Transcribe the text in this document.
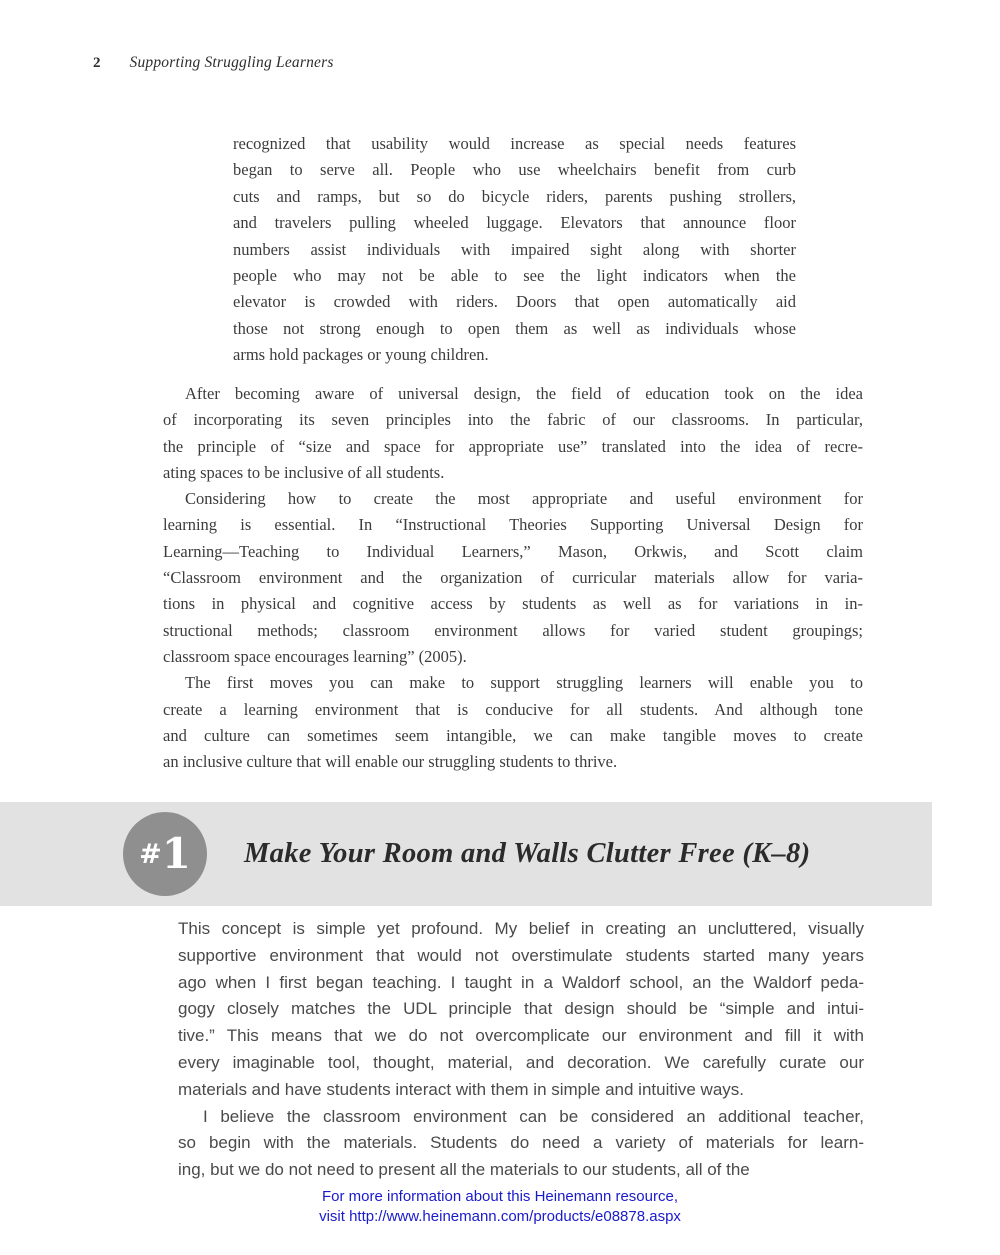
2 Supporting Struggling Learners
recognized that usability would increase as special needs features
began to serve all. People who use wheelchairs benefit from curb
cuts and ramps, but so do bicycle riders, parents pushing strollers,
and travelers pulling wheeled luggage. Elevators that announce floor
numbers assist individuals with impaired sight along with shorter
people who may not be able to see the light indicators when the
elevator is crowded with riders. Doors that open automatically aid
those not strong enough to open them as well as individuals whose
arms hold packages or young children.
After becoming aware of universal design, the field of education took on the idea
of incorporating its seven principles into the fabric of our classrooms. In particular,
the principle of “size and space for appropriate use” translated into the idea of recre-
ating spaces to be inclusive of all students.
Considering how to create the most appropriate and useful environment for
learning is essential. In “Instructional Theories Supporting Universal Design for
Learning—Teaching to Individual Learners,” Mason, Orkwis, and Scott claim
“Classroom environment and the organization of curricular materials allow for varia-
tions in physical and cognitive access by students as well as for variations in in-
structional methods; classroom environment allows for varied student groupings;
classroom space encourages learning” (2005).
The first moves you can make to support struggling learners will enable you to
create a learning environment that is conducive for all students. And although tone
and culture can sometimes seem intangible, we can make tangible moves to create
an inclusive culture that will enable our struggling students to thrive.
# 1 Make Your Room and Walls Clutter Free (K–8)
This concept is simple yet profound. My belief in creating an uncluttered, visually
supportive environment that would not overstimulate students started many years
ago when I first began teaching. I taught in a Waldorf school, an the Waldorf peda-
gogy closely matches the UDL principle that design should be “simple and intui-
tive.” This means that we do not overcomplicate our environment and fill it with
every imaginable tool, thought, material, and decoration. We carefully curate our
materials and have students interact with them in simple and intuitive ways.
I believe the classroom environment can be considered an additional teacher,
so begin with the materials. Students do need a variety of materials for learn-
ing, but we do not need to present all the materials to our students, all of the
For more information about this Heinemann resource,
visit http://www.heinemann.com/products/e08878.aspx
